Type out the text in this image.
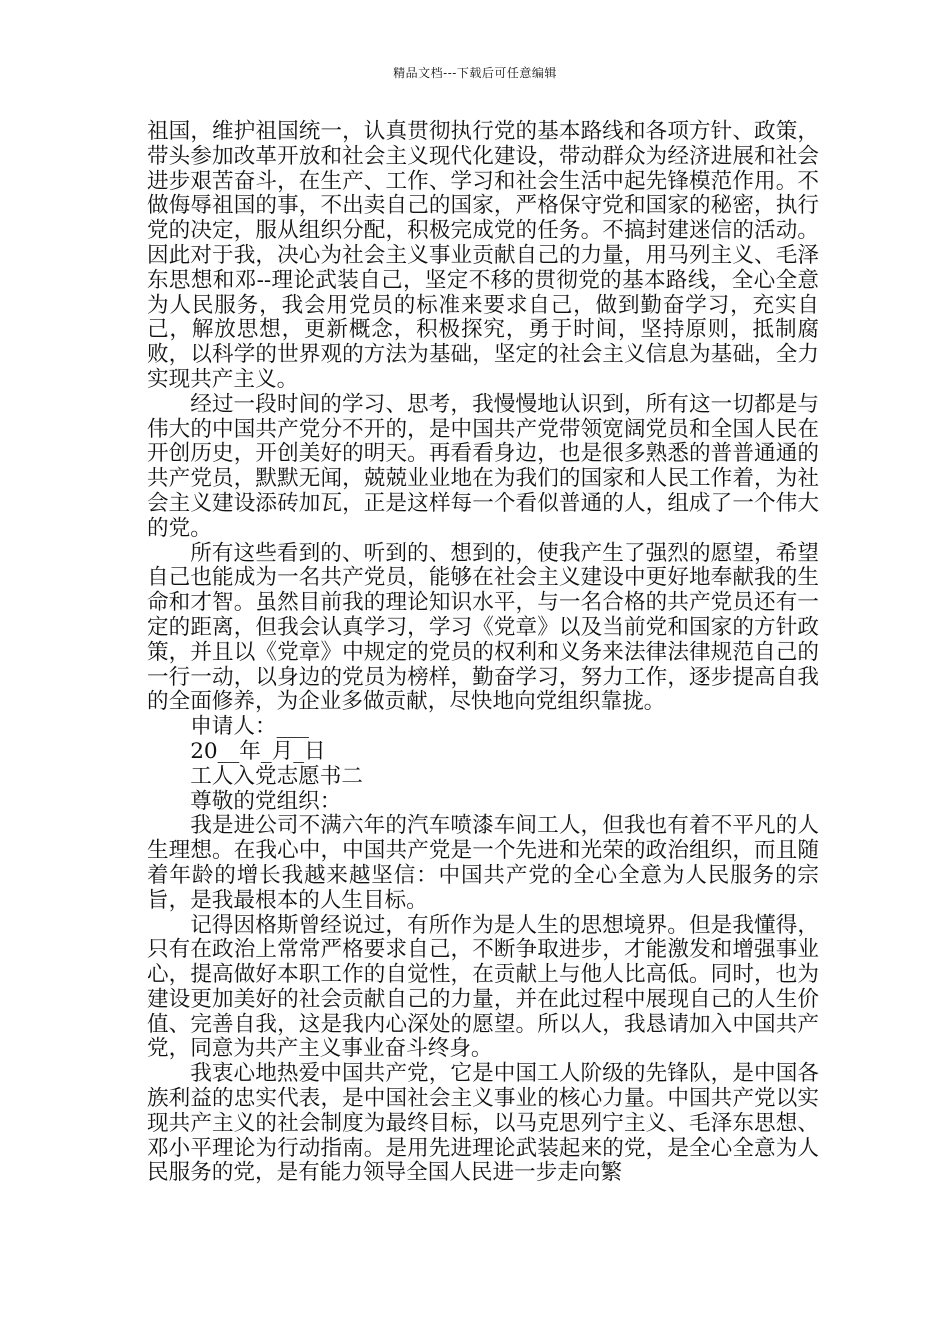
精品文档---下载后可任意编辑

祖国，维护祖国统一，认真贯彻执行党的基本路线和各项方针、政策，带头参加改革开放和社会主义现代化建设，带动群众为经济进展和社会进步艰苦奋斗，在生产、工作、学习和社会生活中起先锋模范作用。不做侮辱祖国的事，不出卖自己的国家，严格保守党和国家的秘密，执行党的决定，服从组织分配，积极完成党的任务。不搞封建迷信的活动。因此对于我，决心为社会主义事业贡献自己的力量，用马列主义、毛泽东思想和邓--理论武装自己，坚定不移的贯彻党的基本路线，全心全意为人民服务，我会用党员的标准来要求自己，做到勤奋学习，充实自己，解放思想，更新概念，积极探究，勇于时间，坚持原则，抵制腐败，以科学的世界观的方法为基础，坚定的社会主义信息为基础，全力实现共产主义。

经过一段时间的学习、思考，我慢慢地认识到，所有这一切都是与伟大的中国共产党分不开的，是中国共产党带领宽阔党员和全国人民在开创历史，开创美好的明天。再看看身边，也是很多熟悉的普普通通的共产党员，默默无闻，兢兢业业地在为我们的国家和人民工作着，为社会主义建设添砖加瓦，正是这样每一个看似普通的人，组成了一个伟大的党。

所有这些看到的、听到的、想到的，使我产生了强烈的愿望，希望自己也能成为一名共产党员，能够在社会主义建设中更好地奉献我的生命和才智。虽然目前我的理论知识水平，与一名合格的共产党员还有一定的距离，但我会认真学习，学习《党章》以及当前党和国家的方针政策，并且以《党章》中规定的党员的权利和义务来法律法律规范自己的一行一动，以身边的党员为榜样，勤奋学习，努力工作，逐步提高自我的全面修养，为企业多做贡献，尽快地向党组织靠拢。

申请人：___

20__年_月_日

工人入党志愿书二

尊敬的党组织：

我是进公司不满六年的汽车喷漆车间工人，但我也有着不平凡的人生理想。在我心中，中国共产党是一个先进和光荣的政治组织，而且随着年龄的增长我越来越坚信：中国共产党的全心全意为人民服务的宗旨，是我最根本的人生目标。

记得因格斯曾经说过，有所作为是人生的思想境界。但是我懂得，只有在政治上常常严格要求自己，不断争取进步，才能激发和增强事业心，提高做好本职工作的自觉性，在贡献上与他人比高低。同时，也为建设更加美好的社会贡献自己的力量，并在此过程中展现自己的人生价值、完善自我，这是我内心深处的愿望。所以人，我恳请加入中国共产党，同意为共产主义事业奋斗终身。

我衷心地热爱中国共产党，它是中国工人阶级的先锋队，是中国各族利益的忠实代表，是中国社会主义事业的核心力量。中国共产党以实现共产主义的社会制度为最终目标，以马克思列宁主义、毛泽东思想、邓小平理论为行动指南。是用先进理论武装起来的党，是全心全意为人民服务的党，是有能力领导全国人民进一步走向繁
